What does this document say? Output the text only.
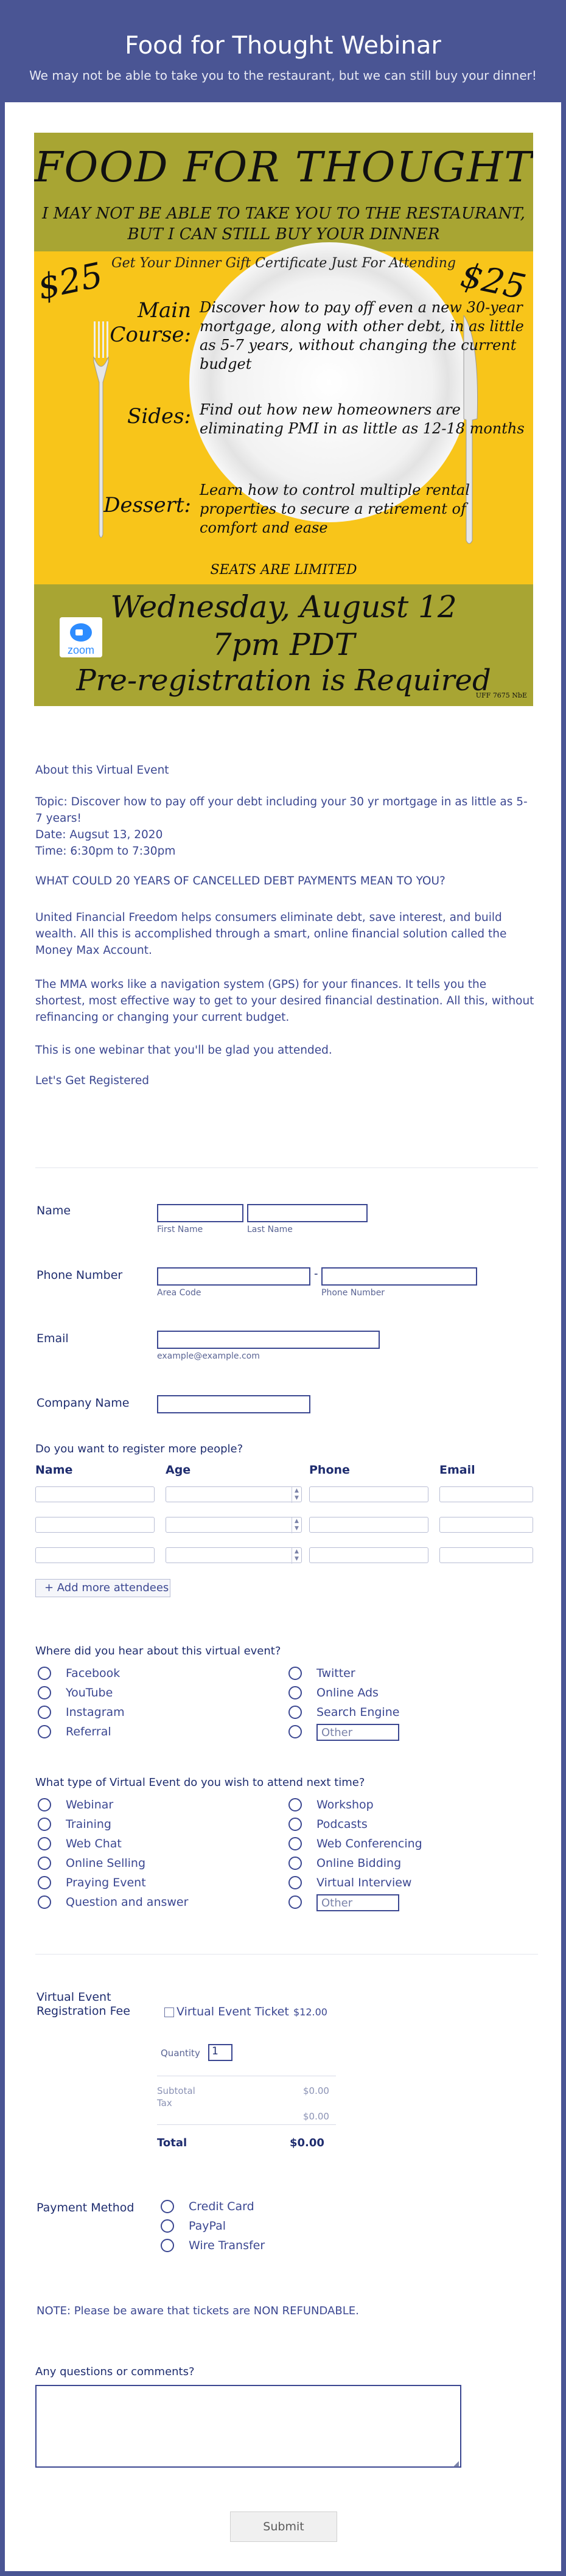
Food for Thought Webinar
We may not be able to take you to the restaurant, but we can still buy your dinner!
FOOD FOR THOUGHT
I MAY NOT BE ABLE TO TAKE YOU TO THE RESTAURANT,
BUT I CAN STILL BUY YOUR DINNER
Get Your Dinner Gift Certificate Just For Attending
$25	$25
Main Course:
Discover how to pay off even a new 30-year mortgage, along with other debt, in as little as 5-7 years, without changing the current budget
Sides: Find out how new homeowners are eliminating PMI in as little as 12-18 months
Dessert:
Learn how to control multiple rental properties to secure a retirement of comfort and ease
SEATS ARE LIMITED
Wednesday, August 12
7pm PDT
Pre-registration is Required
zoom
UFF 7675 NbE

About this Virtual Event

Topic: Discover how to pay off your debt including your 30 yr mortgage in as little as 5-7 years!

Date: Augsut 13, 2020

Time: 6:30pm to 7:30pm

WHAT COULD 20 YEARS OF CANCELLED DEBT PAYMENTS MEAN TO YOU?

United Financial Freedom helps consumers eliminate debt, save interest, and build wealth. All this is accomplished through a smart, online financial solution called the Money Max Account.

The MMA works like a navigation system (GPS) for your finances. It tells you the shortest, most effective way to get to your desired financial destination. All this, without refinancing or changing your current budget.

This is one webinar that you'll be glad you attended.

Let's Get Registered

Name
First Name	Last Name
Phone Number	-
Area Code	Phone Number
Email
example@example.com
Company Name
Do you want to register more people?
Name	Age	Phone	Email
▲
▼
▲
▼
▲
▼
+ Add more attendees
Where did you hear about this virtual event?
Facebook
YouTube
Instagram
Referral
Twitter
Online Ads
Search Engine
Other
What type of Virtual Event do you wish to attend next time?
Webinar
Training
Web Chat
Online Selling
Praying Event
Question and answer
Workshop
Podcasts
Web Conferencing
Online Bidding
Virtual Interview
Other
Virtual Event Registration Fee	Virtual Event Ticket $12.00
Quantity	1
Subtotal	$0.00
Tax
$0.00
Total	$0.00
Payment Method	Credit Card
PayPal
Wire Transfer
NOTE: Please be aware that tickets are NON REFUNDABLE.
Any questions or comments?
◢
Submit
